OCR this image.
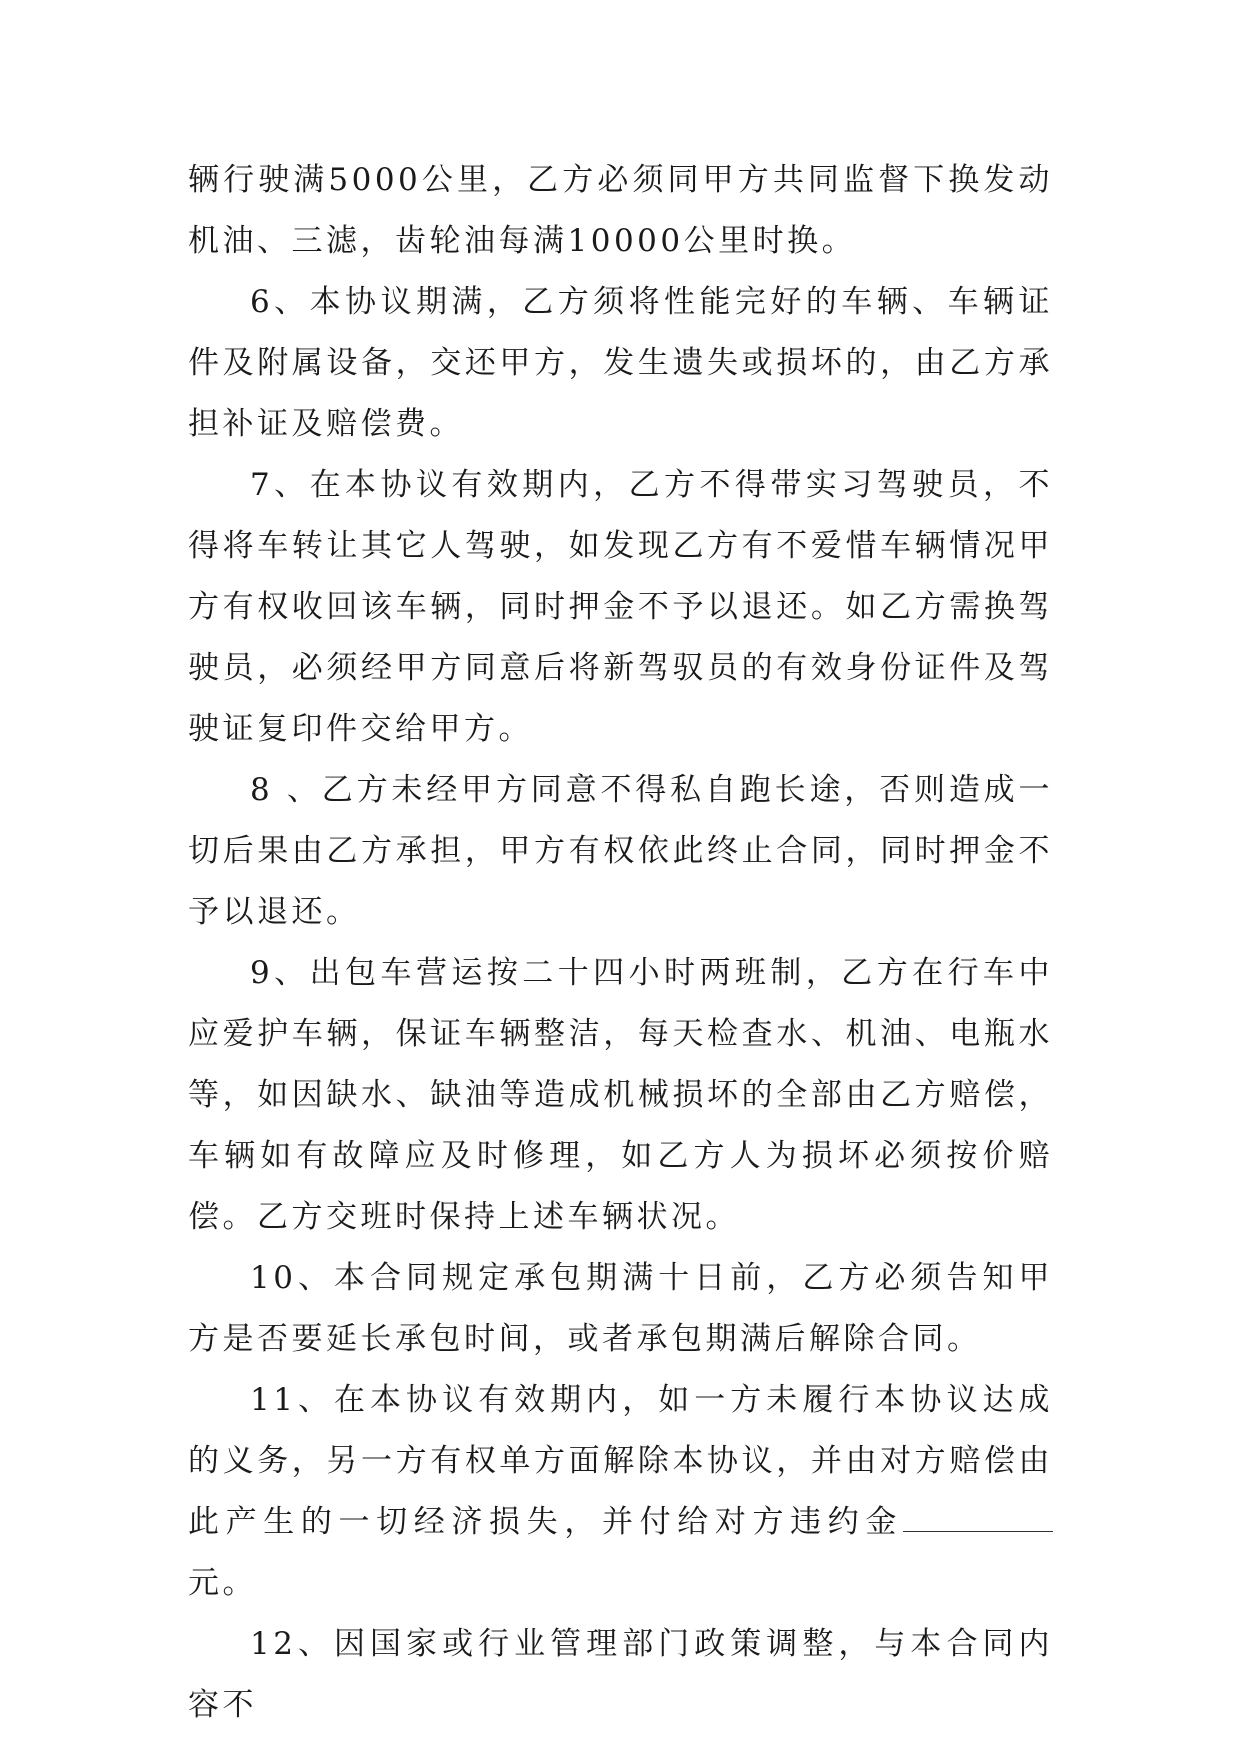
辆行驶满5000公里，乙方必须同甲方共同监督下换发动机油、三滤，齿轮油每满10000公里时换。

6、本协议期满，乙方须将性能完好的车辆、车辆证件及附属设备，交还甲方，发生遗失或损坏的，由乙方承担补证及赔偿费。

7、在本协议有效期内，乙方不得带实习驾驶员，不得将车转让其它人驾驶，如发现乙方有不爱惜车辆情况甲方有权收回该车辆，同时押金不予以退还。如乙方需换驾驶员，必须经甲方同意后将新驾驭员的有效身份证件及驾驶证复印件交给甲方。

8 、乙方未经甲方同意不得私自跑长途，否则造成一切后果由乙方承担，甲方有权依此终止合同，同时押金不予以退还。

9、出包车营运按二十四小时两班制，乙方在行车中应爱护车辆，保证车辆整洁，每天检查水、机油、电瓶水等，如因缺水、缺油等造成机械损坏的全部由乙方赔偿，车辆如有故障应及时修理，如乙方人为损坏必须按价赔偿。乙方交班时保持上述车辆状况。

10、本合同规定承包期满十日前，乙方必须告知甲方是否要延长承包时间，或者承包期满后解除合同。

11、在本协议有效期内，如一方未履行本协议达成的义务，另一方有权单方面解除本协议，并由对方赔偿由此产生的一切经济损失，并付给对方违约金元。

12、因国家或行业管理部门政策调整，与本合同内容不
